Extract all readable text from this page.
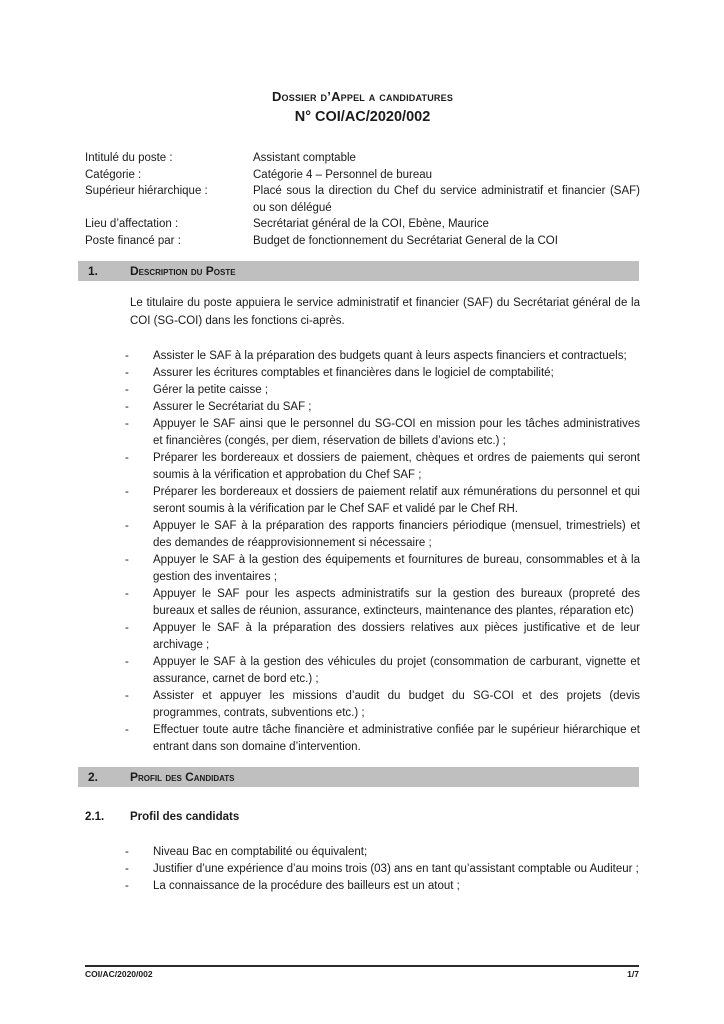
Dossier d’Appel a candidatures
N° COI/AC/2020/002
Intitulé du poste :	Assistant comptable
Catégorie :	Catégorie 4 – Personnel de bureau
Supérieur hiérarchique :	Placé sous la direction du Chef du service administratif et financier (SAF) ou son délégué
Lieu d’affectation :	Secrétariat général de la COI, Ebène, Maurice
Poste financé par :	Budget de fonctionnement du Secrétariat General de la COI
1.	Description du Poste

Le titulaire du poste appuiera le service administratif et financier (SAF) du Secrétariat général de la COI (SG-COI) dans les fonctions ci-après.

-	Assister le SAF à la préparation des budgets quant à leurs aspects financiers et contractuels;

-	Assurer les écritures comptables et financières dans le logiciel de comptabilité;

-	Gérer la petite caisse ;

-	Assurer le Secrétariat du SAF ;

-	Appuyer le SAF ainsi que le personnel du SG-COI en mission pour les tâches administratives et financières (congés, per diem, réservation de billets d’avions etc.) ;

-	Préparer les bordereaux et dossiers de paiement, chèques et ordres de paiements qui seront soumis à la vérification et approbation du Chef SAF ;

-	Préparer les bordereaux et dossiers de paiement relatif aux rémunérations du personnel et qui seront soumis à la vérification par le Chef SAF et validé par le Chef RH.

-	Appuyer le SAF à la préparation des rapports financiers périodique (mensuel, trimestriels) et des demandes de réapprovisionnement si nécessaire ;

-	Appuyer le SAF à la gestion des équipements et fournitures de bureau, consommables et à la gestion des inventaires ;

-	Appuyer le SAF pour les aspects administratifs sur la gestion des bureaux (propreté des bureaux et salles de réunion, assurance, extincteurs, maintenance des plantes, réparation etc)

-	Appuyer le SAF à la préparation des dossiers relatives aux pièces justificative et de leur archivage ;

-	Appuyer le SAF à la gestion des véhicules du projet (consommation de carburant, vignette et assurance, carnet de bord etc.) ;

-	Assister et appuyer les missions d’audit du budget du SG-COI et des projets (devis programmes, contrats, subventions etc.) ;

-	Effectuer toute autre tâche financière et administrative confiée par le supérieur hiérarchique et entrant dans son domaine d’intervention.

2.	Profil des Candidats
2.1.	Profil des candidats
-	Niveau Bac en comptabilité ou équivalent;

-	Justifier d’une expérience d’au moins trois (03) ans en tant qu’assistant comptable ou Auditeur ;

-	La connaissance de la procédure des bailleurs est un atout ;

COI/AC/2020/002	1/7
